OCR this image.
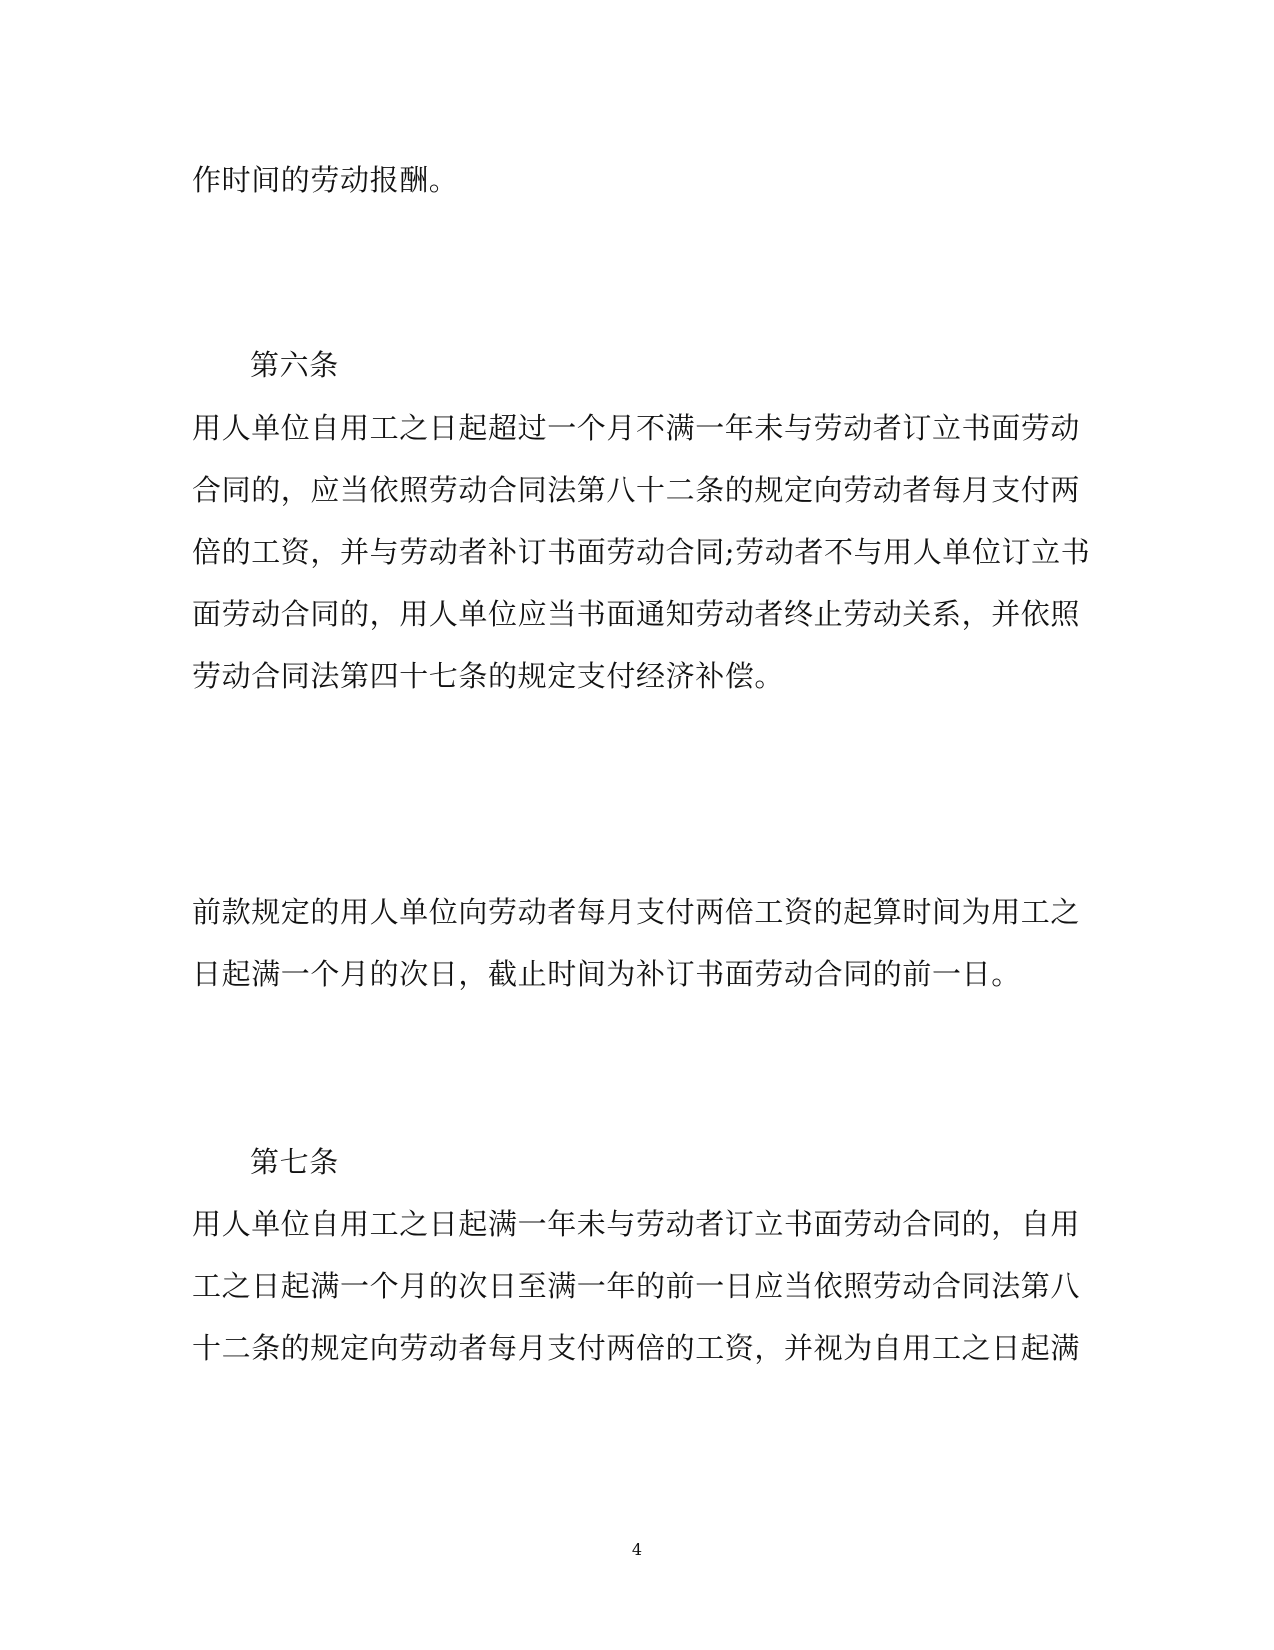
作时间的劳动报酬。

第六条

用人单位自用工之日起超过一个月不满一年未与劳动者订立书面劳动

合同的，应当依照劳动合同法第八十二条的规定向劳动者每月支付两

倍的工资，并与劳动者补订书面劳动合同;劳动者不与用人单位订立书

面劳动合同的，用人单位应当书面通知劳动者终止劳动关系，并依照

劳动合同法第四十七条的规定支付经济补偿。

前款规定的用人单位向劳动者每月支付两倍工资的起算时间为用工之

日起满一个月的次日，截止时间为补订书面劳动合同的前一日。

第七条

用人单位自用工之日起满一年未与劳动者订立书面劳动合同的，自用

工之日起满一个月的次日至满一年的前一日应当依照劳动合同法第八

十二条的规定向劳动者每月支付两倍的工资，并视为自用工之日起满

4
